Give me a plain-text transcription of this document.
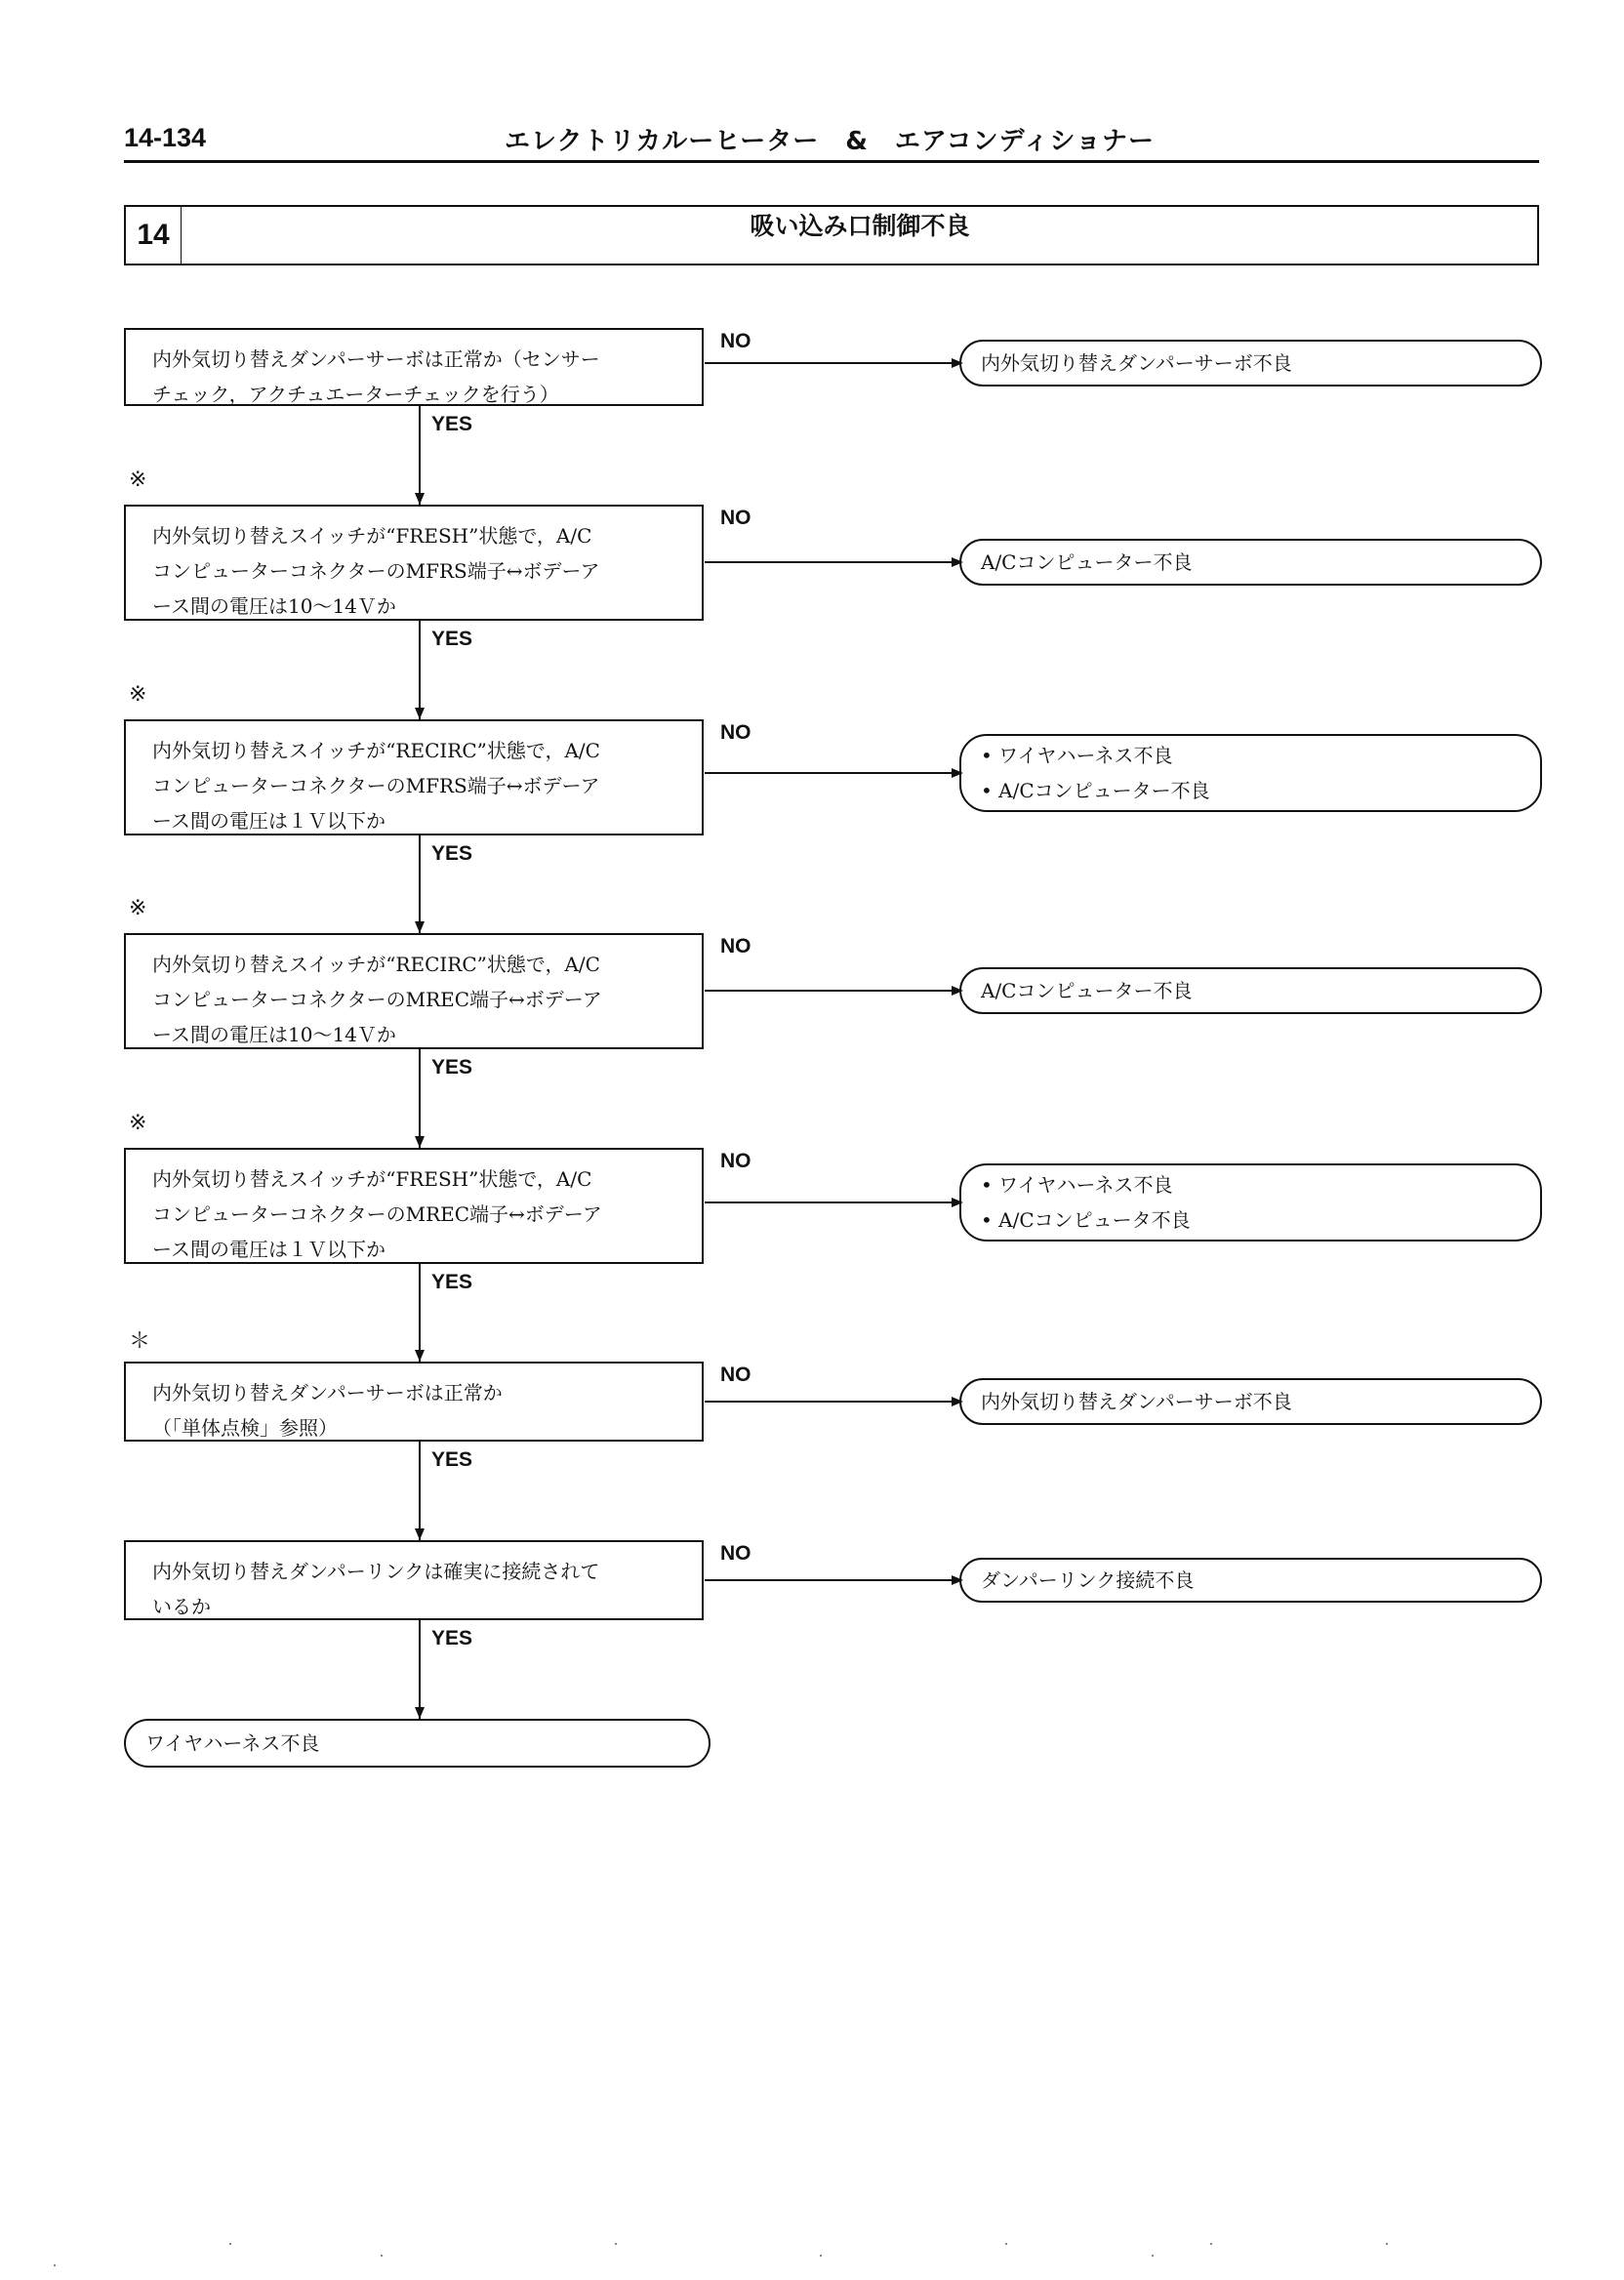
14-134	エレクトリカルーヒーター　&　エアコンディショナー
14	吸い込み口制御不良
内外気切り替えダンパーサーボは正常か（センサー
チェック，アクチュエーターチェックを行う）
内外気切り替えダンパーサーボ不良
NO
YES
※
内外気切り替えスイッチが“FRESH”状態で，A/C
コンピューターコネクターのMFRS端子↔ボデーア
ース間の電圧は10〜14Ｖか
A/Cコンピューター不良
NO
YES
※
内外気切り替えスイッチが“RECIRC”状態で，A/C
コンピューターコネクターのMFRS端子↔ボデーア
ース間の電圧は１Ｖ以下か
• ワイヤハーネス不良
• A/Cコンピューター不良
NO
YES
※
内外気切り替えスイッチが“RECIRC”状態で，A/C
コンピューターコネクターのMREC端子↔ボデーア
ース間の電圧は10〜14Ｖか
A/Cコンピューター不良
NO
YES
※
内外気切り替えスイッチが“FRESH”状態で，A/C
コンピューターコネクターのMREC端子↔ボデーア
ース間の電圧は１Ｖ以下か
• ワイヤハーネス不良
• A/Cコンピュータ不良
NO
YES
＊
内外気切り替えダンパーサーボは正常か
（「単体点検」参照）
内外気切り替えダンパーサーボ不良
NO
YES
内外気切り替えダンパーリンクは確実に接続されて
いるか
ダンパーリンク接続不良
NO
YES
ワイヤハーネス不良
